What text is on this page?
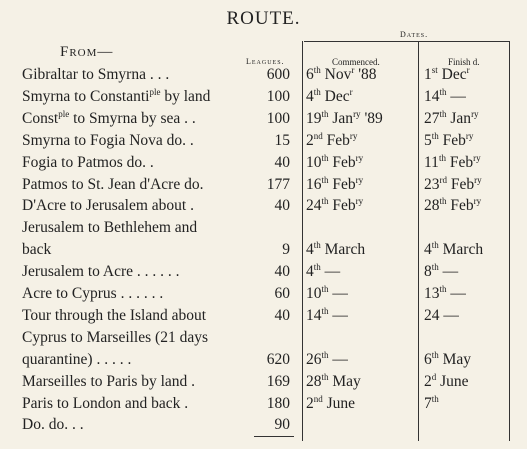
ROUTE.
Dates.
From—
Leagues.	Commenced.	Finish d.
Gibraltar to Smyrna . . .	600 6th Nov$^r$ '88	1st Dec$^r$
Smyrna to Constanti$^{ple}$ by land	100 4th Dec$^r$	14th —
Const$^{ple}$ to Smyrna by sea . .	100 19th Jan$^{ry}$ '89	27th Jan$^{ry}$
Smyrna to Fogia Nova do. .	15 2nd Feb$^{ry}$	5th Feb$^{ry}$
Fogia to Patmos do. .	40 10th Feb$^{ry}$	11th Feb$^{ry}$
Patmos to St. Jean d'Acre do.	177 16th Feb$^{ry}$	23rd Feb$^{ry}$
D'Acre to Jerusalem about .	40 24th Feb$^{ry}$	28th Feb$^{ry}$
Jerusalem to Bethlehem and
back	9 4th March	4th March
Jerusalem to Acre . . . . . .	40 4th —	8th —
Acre to Cyprus . . . . . .	60 10th —	13th —
Tour through the Island about	40 14th —	24 —
Cyprus to Marseilles (21 days
quarantine) . . . . .	620 26th —	6th May
Marseilles to Paris by land .	169 28th May	2$^d$ June
Paris to London and back .	180 2nd June	7th
Do. do. . .	90
